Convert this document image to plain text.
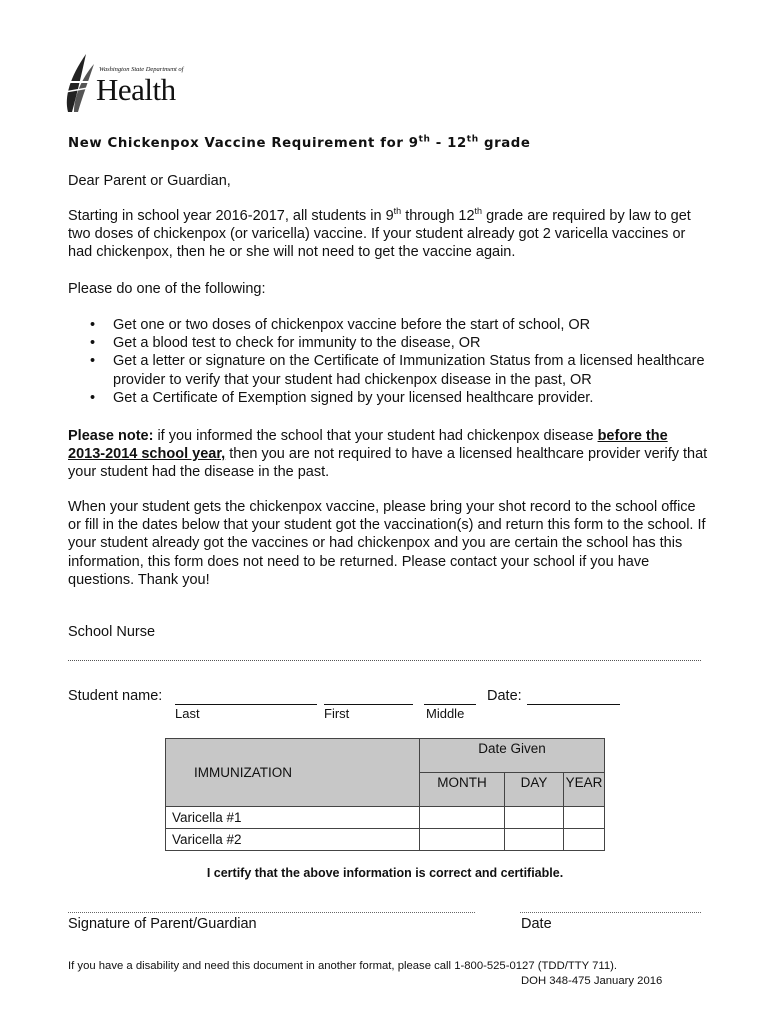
Washington State Department of
Health
New Chickenpox Vaccine Requirement for 9th - 12th grade
Dear Parent or Guardian,
Starting in school year 2016-2017, all students in 9th through 12th grade are required by law to get two doses of chickenpox (or varicella) vaccine. If your student already got 2 varicella vaccines or had chickenpox, then he or she will not need to get the vaccine again.
Please do one of the following:
• Get one or two doses of chickenpox vaccine before the start of school, OR
• Get a blood test to check for immunity to the disease, OR
• Get a letter or signature on the Certificate of Immunization Status from a licensed healthcare provider to verify that your student had chickenpox disease in the past, OR
• Get a Certificate of Exemption signed by your licensed healthcare provider.
Please note: if you informed the school that your student had chickenpox disease before the 2013-2014 school year, then you are not required to have a licensed healthcare provider verify that your student had the disease in the past.
When your student gets the chickenpox vaccine, please bring your shot record to the school office or fill in the dates below that your student got the vaccination(s) and return this form to the school. If your student already got the vaccines or had chickenpox and you are certain the school has this information, this form does not need to be returned. Please contact your school if you have questions. Thank you!
School Nurse
Student name:	Date:
Last	First	Middle
IMMUNIZATION	Date Given		
	MONTH	DAY	YEAR
Varicella #1			
Varicella #2			
I certify that the above information is correct and certifiable.
Signature of Parent/Guardian	Date
If you have a disability and need this document in another format, please call 1-800-525-0127 (TDD/TTY 711).
DOH 348-475 January 2016
